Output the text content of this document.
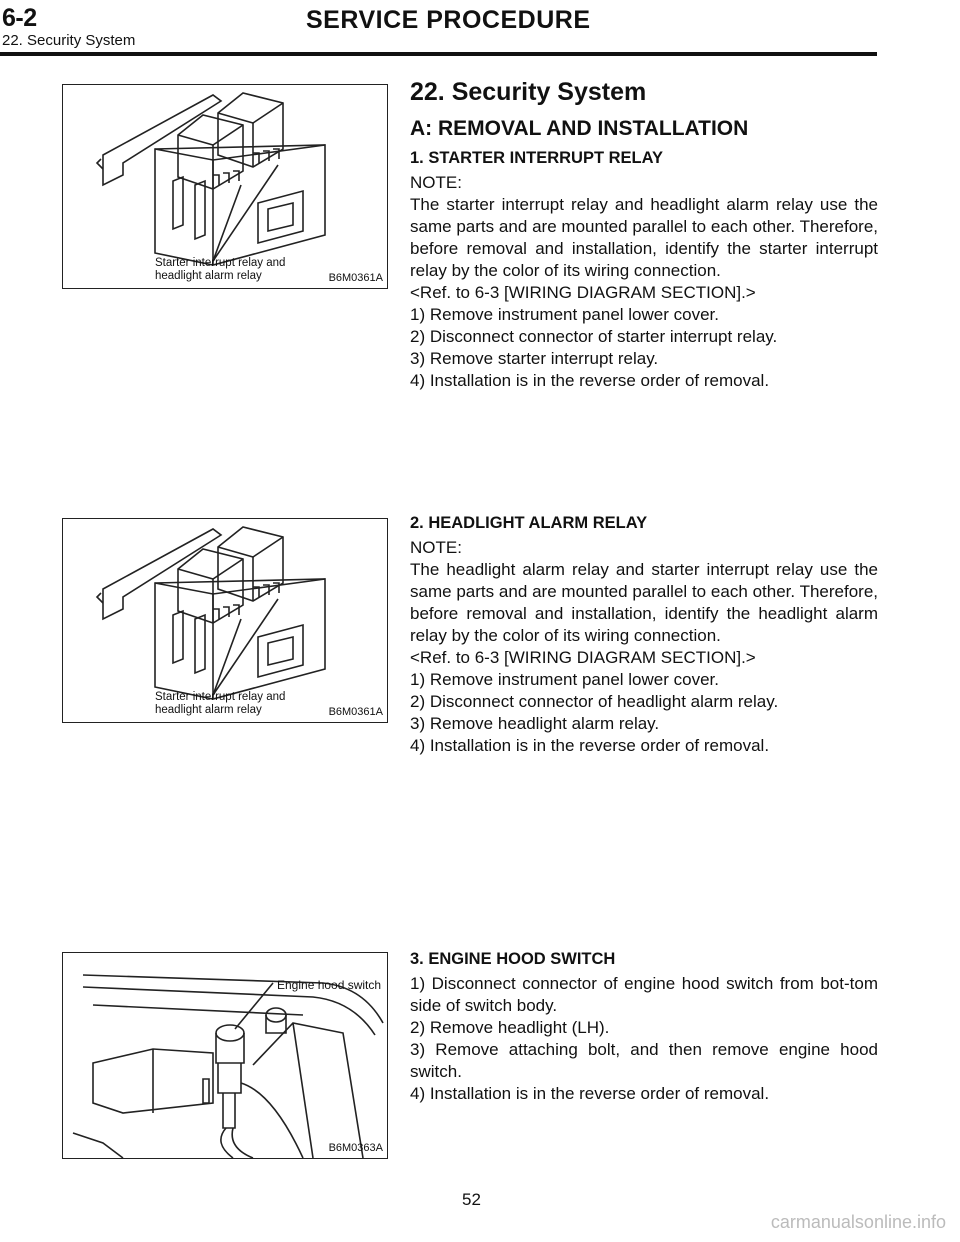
6-2	SERVICE PROCEDURE
22. Security System
Starter interrupt relay and
headlight alarm relay	B6M0361A
22. Security System
A: REMOVAL AND INSTALLATION
1. STARTER INTERRUPT RELAY
NOTE:
The starter interrupt relay and headlight alarm relay use the same parts and are mounted parallel to each other. Therefore, before removal and installation, identify the starter interrupt relay by the color of its wiring connection.
<Ref. to 6-3 [WIRING DIAGRAM SECTION].>
1) Remove instrument panel lower cover.
2) Disconnect connector of starter interrupt relay.
3) Remove starter interrupt relay.
4) Installation is in the reverse order of removal.
Starter interrupt relay and
headlight alarm relay	B6M0361A
2. HEADLIGHT ALARM RELAY
NOTE:
The headlight alarm relay and starter interrupt relay use the same parts and are mounted parallel to each other. Therefore, before removal and installation, identify the headlight alarm relay by the color of its wiring connection.
<Ref. to 6-3 [WIRING DIAGRAM SECTION].>
1) Remove instrument panel lower cover.
2) Disconnect connector of headlight alarm relay.
3) Remove headlight alarm relay.
4) Installation is in the reverse order of removal.
Engine hood switch
B6M0363A
3. ENGINE HOOD SWITCH
1) Disconnect connector of engine hood switch from bot-tom side of switch body.
2) Remove headlight (LH).
3) Remove attaching bolt, and then remove engine hood switch.
4) Installation is in the reverse order of removal.
52
carmanualsonline.info
